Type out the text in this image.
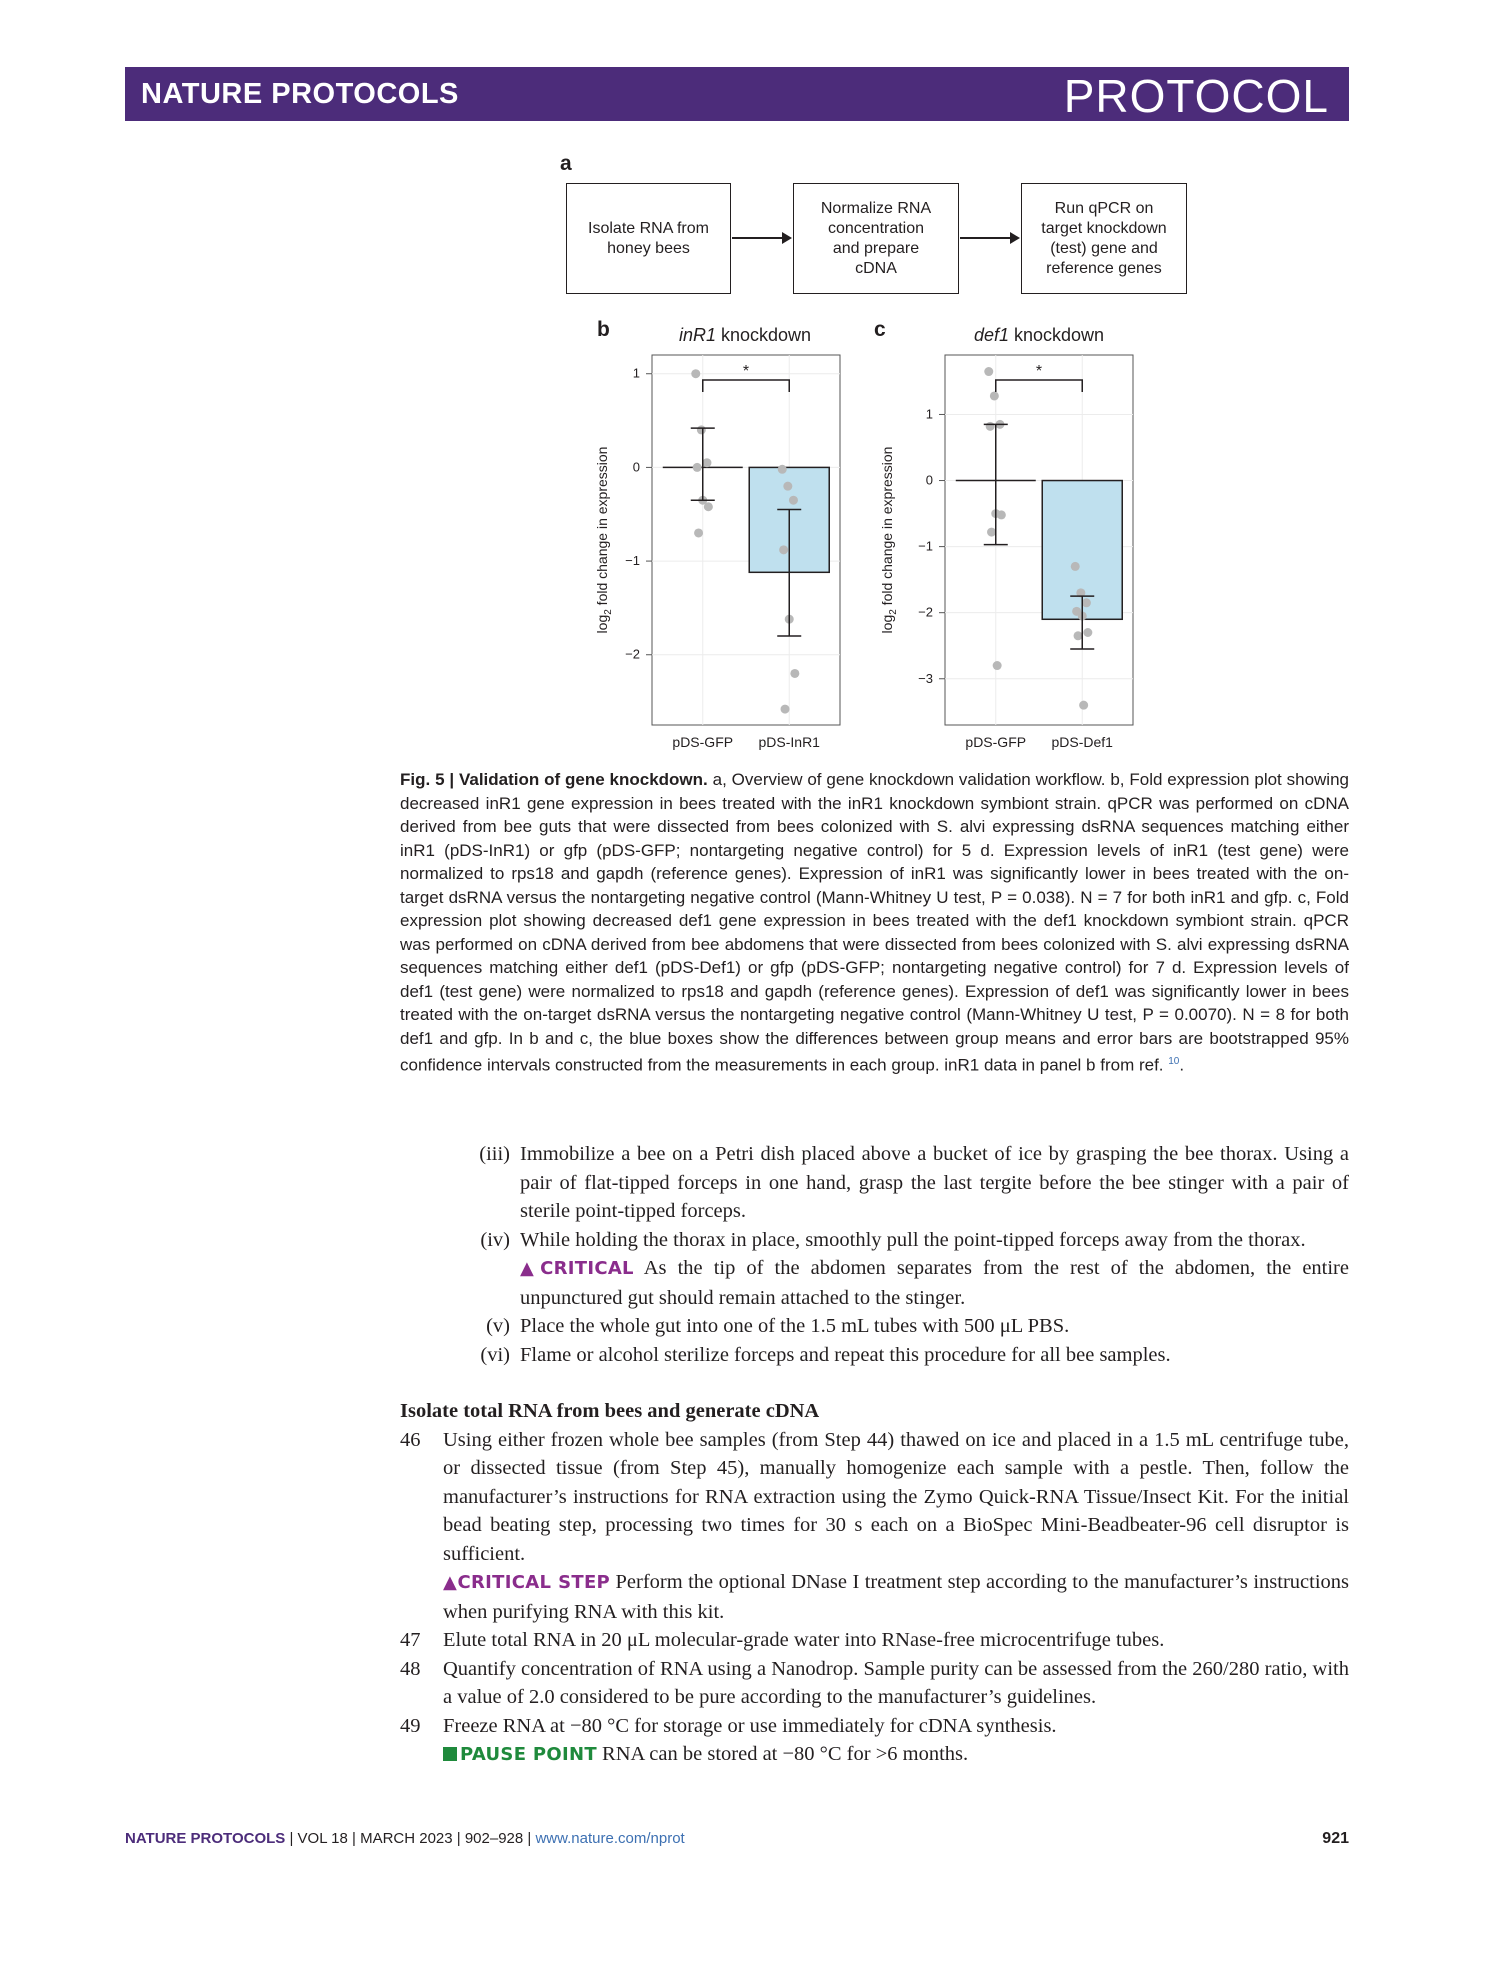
NATURE PROTOCOLS	PROTOCOL
a
Isolate RNA from
honey bees
Normalize RNA
concentration
and prepare
cDNA
Run qPCR on
target knockdown
(test) gene and
reference genes
b	inR1 knockdown
1
0
−1
−2
*
pDS-GFP pDS-InR1
$\log_2$ fold change in expression
c	def1 knockdown
1
0
−1
−2
−3
*
pDS-GFP pDS-Def1
$\log_2$ fold change in expression
Fig. 5 | Validation of gene knockdown. a, Overview of gene knockdown validation workflow. b, Fold expression plot showing decreased inR1 gene expression in bees treated with the inR1 knockdown symbiont strain. qPCR was performed on cDNA derived from bee guts that were dissected from bees colonized with S. alvi expressing dsRNA sequences matching either inR1 (pDS-InR1) or gfp (pDS-GFP; nontargeting negative control) for 5 d. Expression levels of inR1 (test gene) were normalized to rps18 and gapdh (reference genes). Expression of inR1 was significantly lower in bees treated with the on-target dsRNA versus the nontargeting negative control (Mann-Whitney U test, P = 0.038). N = 7 for both inR1 and gfp. c, Fold expression plot showing decreased def1 gene expression in bees treated with the def1 knockdown symbiont strain. qPCR was performed on cDNA derived from bee abdomens that were dissected from bees colonized with S. alvi expressing dsRNA sequences matching either def1 (pDS-Def1) or gfp (pDS-GFP; nontargeting negative control) for 7 d. Expression levels of def1 (test gene) were normalized to rps18 and gapdh (reference genes). Expression of def1 was significantly lower in bees treated with the on-target dsRNA versus the nontargeting negative control (Mann-Whitney U test, P = 0.0070). N = 8 for both def1 and gfp. In b and c, the blue boxes show the differences between group means and error bars are bootstrapped 95% confidence intervals constructed from the measurements in each group. inR1 data in panel b from ref. $^{10}$.
(iii) Immobilize a bee on a Petri dish placed above a bucket of ice by grasping the bee thorax. Using a pair of flat-tipped forceps in one hand, grasp the last tergite before the bee stinger with a pair of sterile point-tipped forceps.
(iv) While holding the thorax in place, smoothly pull the point-tipped forceps away from the thorax.
▲CRITICAL As the tip of the abdomen separates from the rest of the abdomen, the entire unpunctured gut should remain attached to the stinger.
(v) Place the whole gut into one of the 1.5 mL tubes with 500 μL PBS.
(vi) Flame or alcohol sterilize forceps and repeat this procedure for all bee samples.
Isolate total RNA from bees and generate cDNA
46 Using either frozen whole bee samples (from Step 44) thawed on ice and placed in a 1.5 mL centrifuge tube, or dissected tissue (from Step 45), manually homogenize each sample with a pestle. Then, follow the manufacturer’s instructions for RNA extraction using the Zymo Quick-RNA Tissue/Insect Kit. For the initial bead beating step, processing two times for 30 s each on a BioSpec Mini-Beadbeater-96 cell disruptor is sufficient.
▲CRITICAL STEP Perform the optional DNase I treatment step according to the manufacturer’s instructions when purifying RNA with this kit.
47 Elute total RNA in 20 μL molecular-grade water into RNase-free microcentrifuge tubes.
48 Quantify concentration of RNA using a Nanodrop. Sample purity can be assessed from the 260/280 ratio, with a value of 2.0 considered to be pure according to the manufacturer’s guidelines.
49 Freeze RNA at −80 °C for storage or use immediately for cDNA synthesis.
PAUSE POINT RNA can be stored at −80 °C for >6 months.
NATURE PROTOCOLS | VOL 18 | MARCH 2023 | 902–928 | www.nature.com/nprot	921
